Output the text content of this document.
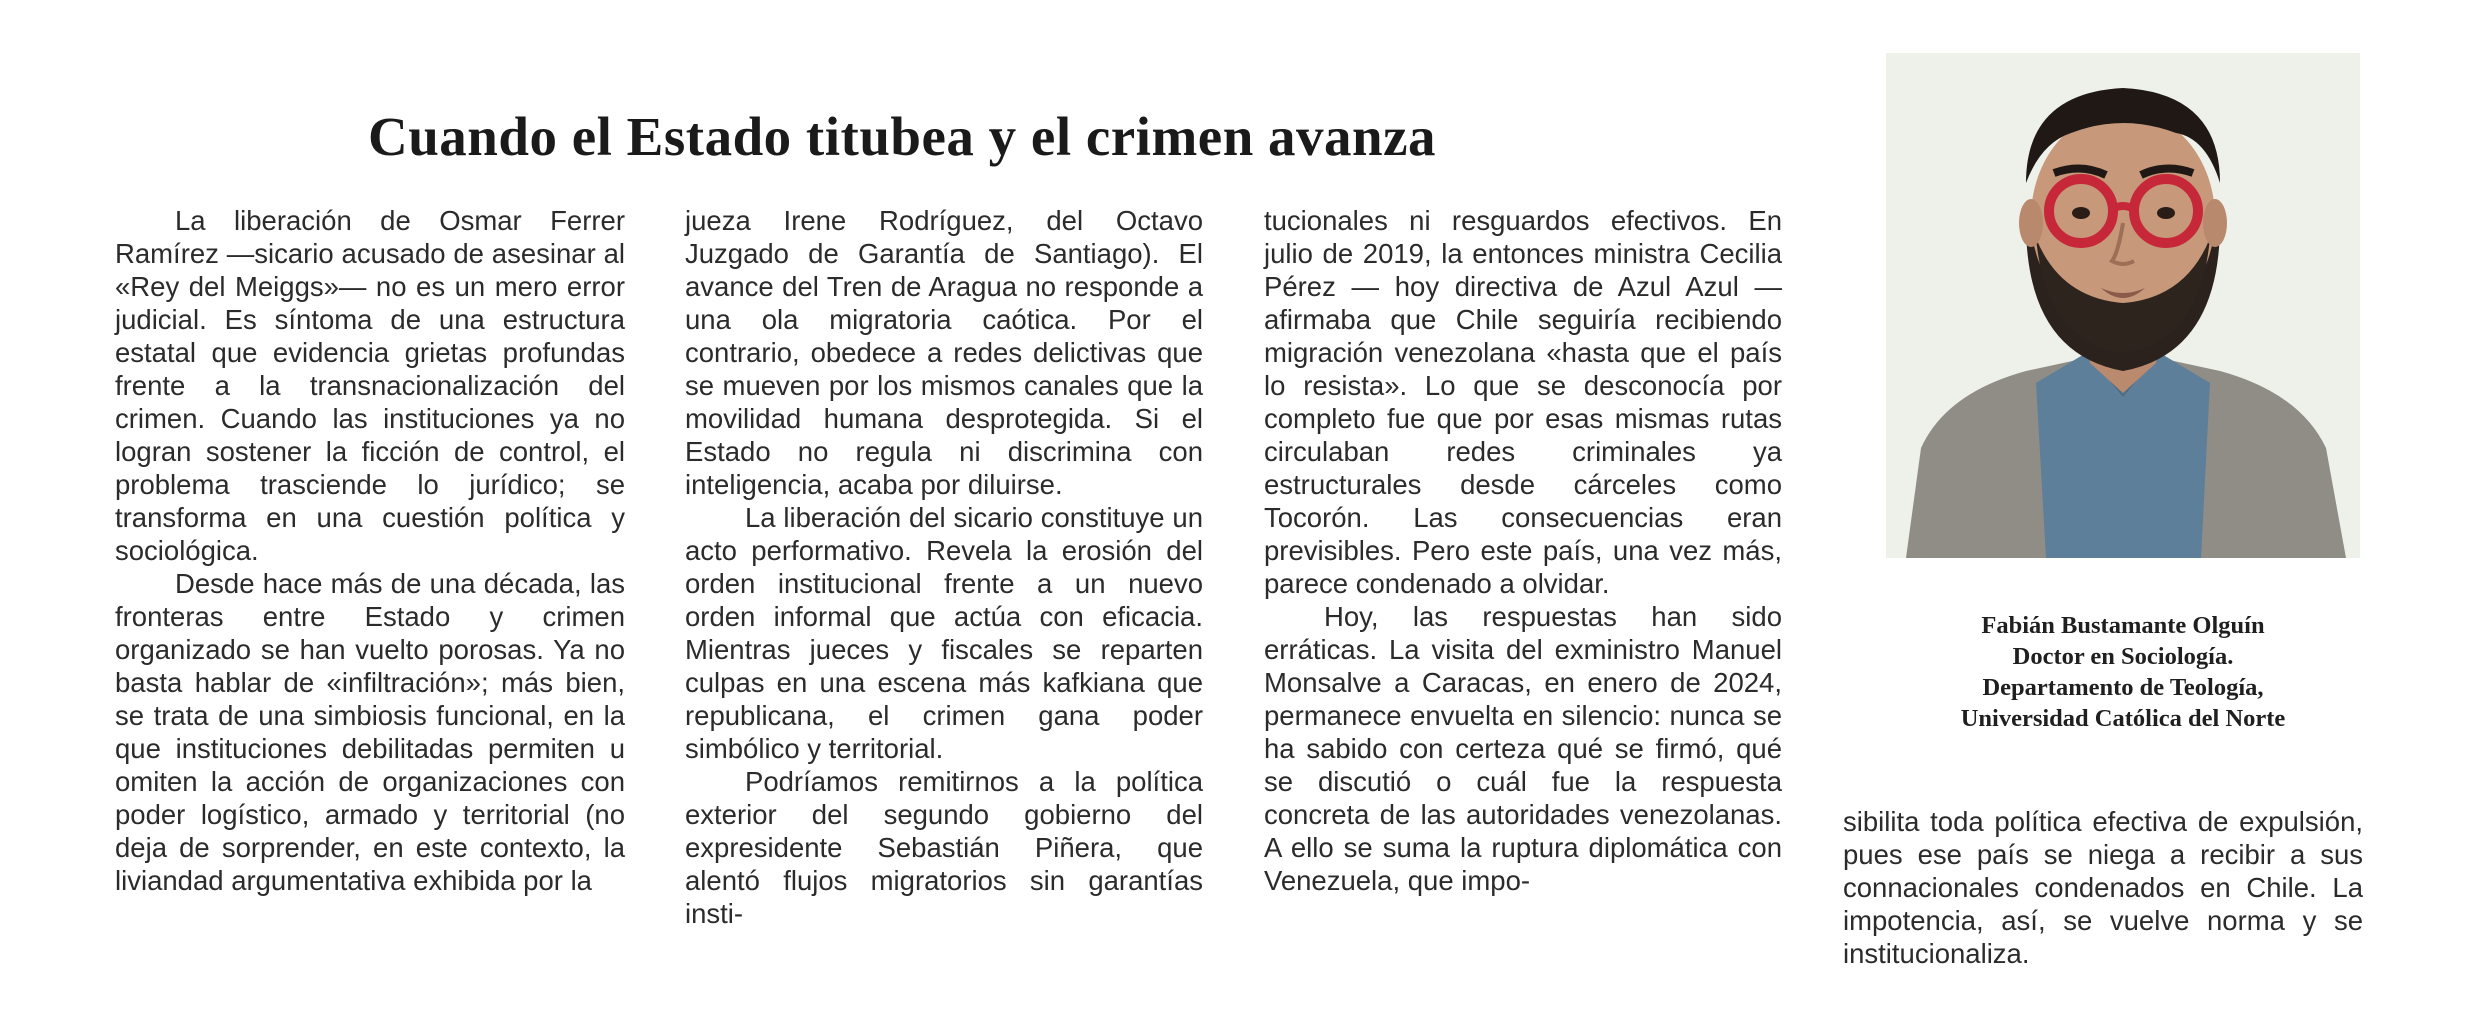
Cuando el Estado titubea y el crimen avanza

La liberación de Osmar Ferrer Ramírez —sicario acusado de asesinar al «Rey del Meiggs»— no es un mero error judicial. Es síntoma de una estructura estatal que evidencia grietas profundas frente a la transnacionalización del crimen. Cuando las instituciones ya no logran sostener la ficción de control, el problema trasciende lo jurídico; se transforma en una cuestión política y sociológica.

Desde hace más de una década, las fronteras entre Estado y crimen organizado se han vuelto porosas. Ya no basta hablar de «infiltración»; más bien, se trata de una simbiosis funcional, en la que instituciones debilitadas permiten u omiten la acción de organizaciones con poder logístico, armado y territorial (no deja de sorprender, en este contexto, la liviandad argumentativa exhibida por la

jueza Irene Rodríguez, del Octavo Juzgado de Garantía de Santiago). El avance del Tren de Aragua no responde a una ola migratoria caótica. Por el contrario, obedece a redes delictivas que se mueven por los mismos canales que la movilidad humana desprotegida. Si el Estado no regula ni discrimina con inteligencia, acaba por diluirse.

La liberación del sicario constituye un acto performativo. Revela la erosión del orden institucional frente a un nuevo orden informal que actúa con eficacia. Mientras jueces y fiscales se reparten culpas en una escena más kafkiana que republicana, el crimen gana poder simbólico y territorial.

Podríamos remitirnos a la política exterior del segundo gobierno del expresidente Sebastián Piñera, que alentó flujos migratorios sin garantías insti-

tucionales ni resguardos efectivos. En julio de 2019, la entonces ministra Cecilia Pérez — hoy directiva de Azul Azul — afirmaba que Chile seguiría recibiendo migración venezolana «hasta que el país lo resista». Lo que se desconocía por completo fue que por esas mismas rutas circulaban redes criminales ya estructurales desde cárceles como Tocorón. Las consecuencias eran previsibles. Pero este país, una vez más, parece condenado a olvidar.

Hoy, las respuestas han sido erráticas. La visita del exministro Manuel Monsalve a Caracas, en enero de 2024, permanece envuelta en silencio: nunca se ha sabido con certeza qué se firmó, qué se discutió o cuál fue la respuesta concreta de las autoridades venezolanas. A ello se suma la ruptura diplomática con Venezuela, que impo-

Fabián Bustamante Olguín
Doctor en Sociología.
Departamento de Teología,
Universidad Católica del Norte

sibilita toda política efectiva de expulsión, pues ese país se niega a recibir a sus connacionales condenados en Chile. La impotencia, así, se vuelve norma y se institucionaliza.
